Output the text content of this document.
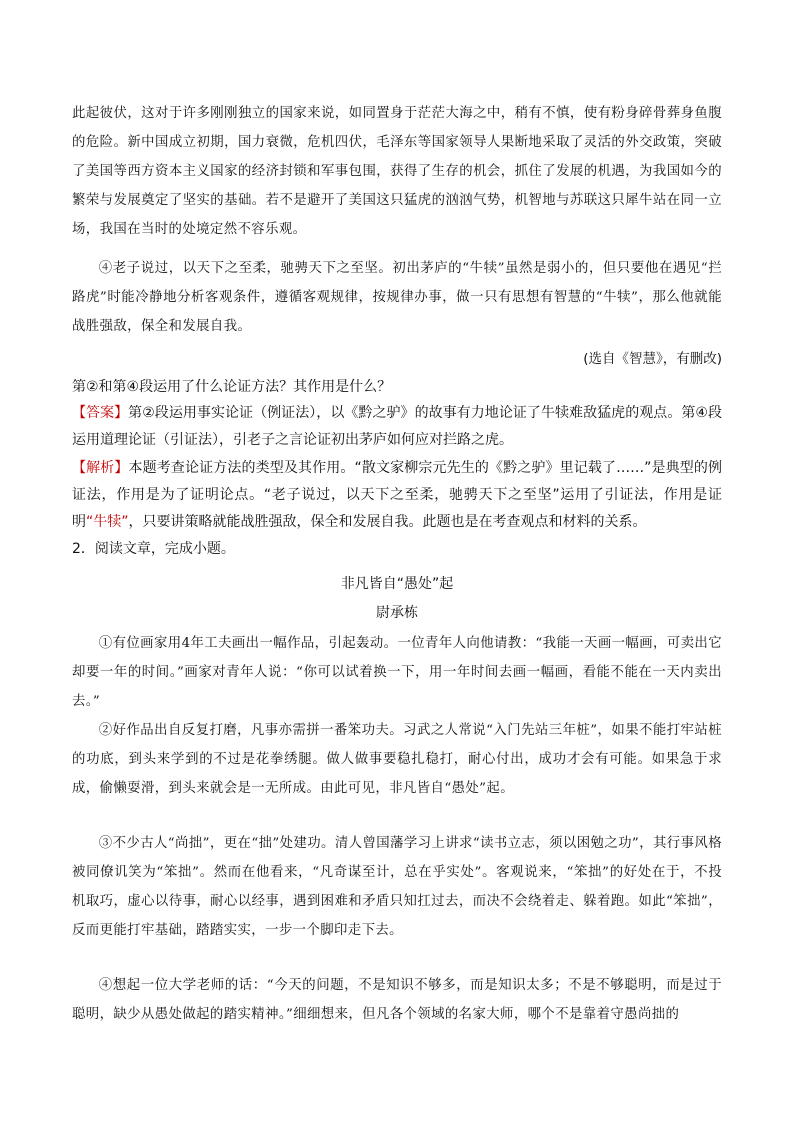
此起彼伏，这对于许多刚刚独立的国家来说，如同置身于茫茫大海之中，稍有不慎，使有粉身碎骨葬身鱼腹的危险。新中国成立初期，国力衰微，危机四伏，毛泽东等国家领导人果断地采取了灵活的外交政策，突破了美国等西方资本主义国家的经济封锁和军事包围，获得了生存的机会，抓住了发展的机遇，为我国如今的繁荣与发展奠定了坚实的基础。若不是避开了美国这只猛虎的汹汹气势，机智地与苏联这只犀牛站在同一立场，我国在当时的处境定然不容乐观。

④老子说过，以天下之至柔，驰骋天下之至坚。初出茅庐的“牛犊”虽然是弱小的，但只要他在遇见“拦路虎”时能冷静地分析客观条件，遵循客观规律，按规律办事，做一只有思想有智慧的“牛犊”，那么他就能战胜强敌，保全和发展自我。

(选自《智慧》，有删改)

第②和第④段运用了什么论证方法？其作用是什么？

【答案】第②段运用事实论证（例证法），以《黔之驴》的故事有力地论证了牛犊难敌猛虎的观点。第④段运用道理论证（引证法），引老子之言论证初出茅庐如何应对拦路之虎。

【解析】本题考查论证方法的类型及其作用。“散文家柳宗元先生的《黔之驴》里记载了……”是典型的例证法，作用是为了证明论点。“老子说过，以天下之至柔，驰骋天下之至坚”运用了引证法，作用是证明“牛犊”，只要讲策略就能战胜强敌，保全和发展自我。此题也是在考查观点和材料的关系。

2．阅读文章，完成小题。

非凡皆自“愚处”起
尉承栋

①有位画家用4年工夫画出一幅作品，引起轰动。一位青年人向他请教：“我能一天画一幅画，可卖出它却要一年的时间。”画家对青年人说：“你可以试着换一下，用一年时间去画一幅画，看能不能在一天内卖出去。”

②好作品出自反复打磨，凡事亦需拼一番笨功夫。习武之人常说“入门先站三年桩”，如果不能打牢站桩的功底，到头来学到的不过是花拳绣腿。做人做事要稳扎稳打，耐心付出，成功才会有可能。如果急于求成，偷懒耍滑，到头来就会是一无所成。由此可见，非凡皆自“愚处”起。

③不少古人“尚拙”，更在“拙”处建功。清人曾国藩学习上讲求“读书立志，须以困勉之功”，其行事风格被同僚讥笑为“笨拙”。然而在他看来，“凡奇谋至计，总在乎实处”。客观说来，“笨拙”的好处在于，不投机取巧，虚心以待事，耐心以经事，遇到困难和矛盾只知扛过去，而决不会绕着走、躲着跑。如此“笨拙”，反而更能打牢基础，踏踏实实，一步一个脚印走下去。

④想起一位大学老师的话：“今天的问题，不是知识不够多，而是知识太多；不是不够聪明，而是过于聪明，缺少从愚处做起的踏实精神。”细细想来，但凡各个领域的名家大师，哪个不是靠着守愚尚拙的
